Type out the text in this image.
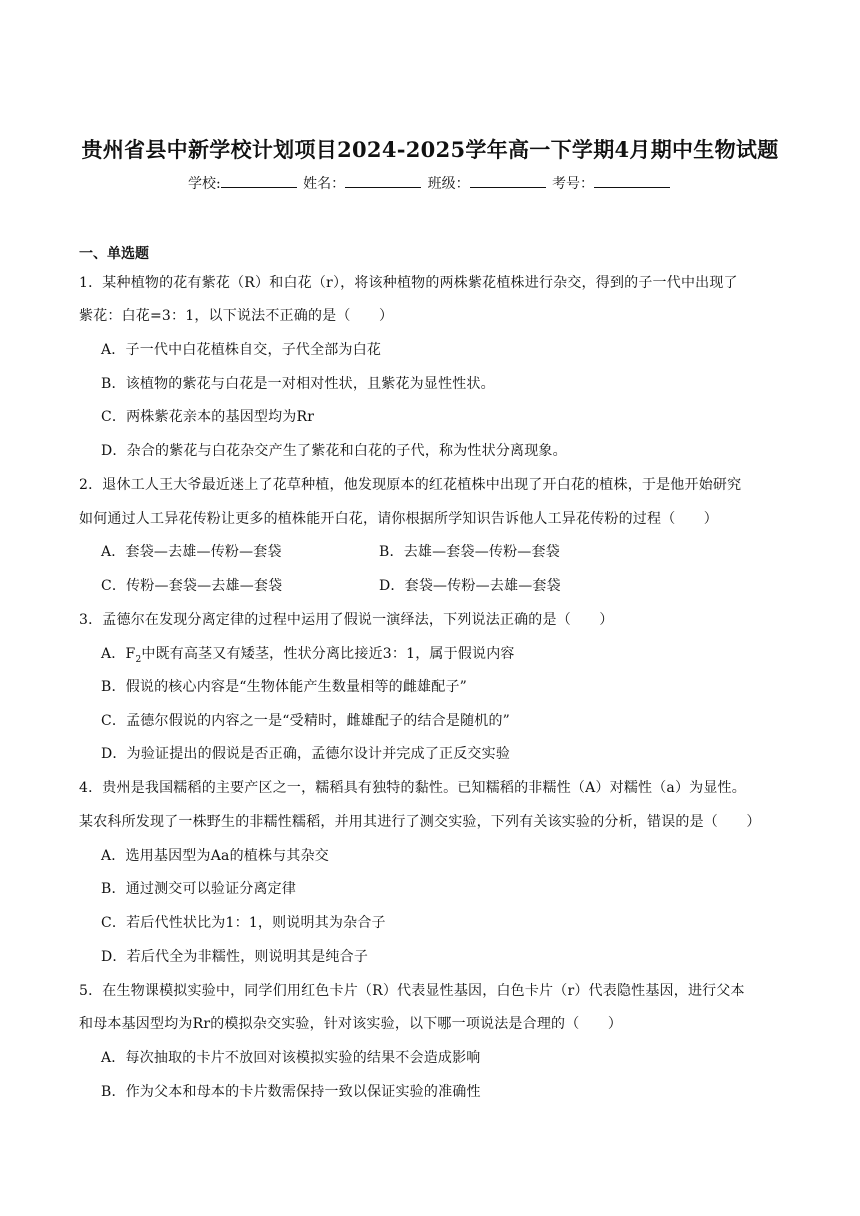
贵州省县中新学校计划项目2024-2025学年高一下学期4月期中生物试题
学校:	姓名：	班级：	考号：
一、单选题
1．某种植物的花有紫花（R）和白花（r），将该种植物的两株紫花植株进行杂交，得到的子一代中出现了
紫花：白花=3：1，以下说法不正确的是（　　）
A．子一代中白花植株自交，子代全部为白花
B．该植物的紫花与白花是一对相对性状，且紫花为显性性状。
C．两株紫花亲本的基因型均为Rr
D．杂合的紫花与白花杂交产生了紫花和白花的子代，称为性状分离现象。
2．退休工人王大爷最近迷上了花草种植，他发现原本的红花植株中出现了开白花的植株，于是他开始研究
如何通过人工异花传粉让更多的植株能开白花，请你根据所学知识告诉他人工异花传粉的过程（　　）
A．套袋—去雄—传粉—套袋	B．去雄—套袋—传粉—套袋
C．传粉—套袋—去雄—套袋	D．套袋—传粉—去雄—套袋
3．孟德尔在发现分离定律的过程中运用了假说一演绎法，下列说法正确的是（　　）
A．$F_2$中既有高茎又有矮茎，性状分离比接近3：1，属于假说内容
B．假说的核心内容是“生物体能产生数量相等的雌雄配子”
C．孟德尔假说的内容之一是“受精时，雌雄配子的结合是随机的”
D．为验证提出的假说是否正确，孟德尔设计并完成了正反交实验
4．贵州是我国糯稻的主要产区之一，糯稻具有独特的黏性。已知糯稻的非糯性（A）对糯性（a）为显性。
某农科所发现了一株野生的非糯性糯稻，并用其进行了测交实验，下列有关该实验的分析，错误的是（　　）
A．选用基因型为Aa的植株与其杂交
B．通过测交可以验证分离定律
C．若后代性状比为1：1，则说明其为杂合子
D．若后代全为非糯性，则说明其是纯合子
5．在生物课模拟实验中，同学们用红色卡片（R）代表显性基因，白色卡片（r）代表隐性基因，进行父本
和母本基因型均为Rr的模拟杂交实验，针对该实验，以下哪一项说法是合理的（　　）
A．每次抽取的卡片不放回对该模拟实验的结果不会造成影响
B．作为父本和母本的卡片数需保持一致以保证实验的准确性
